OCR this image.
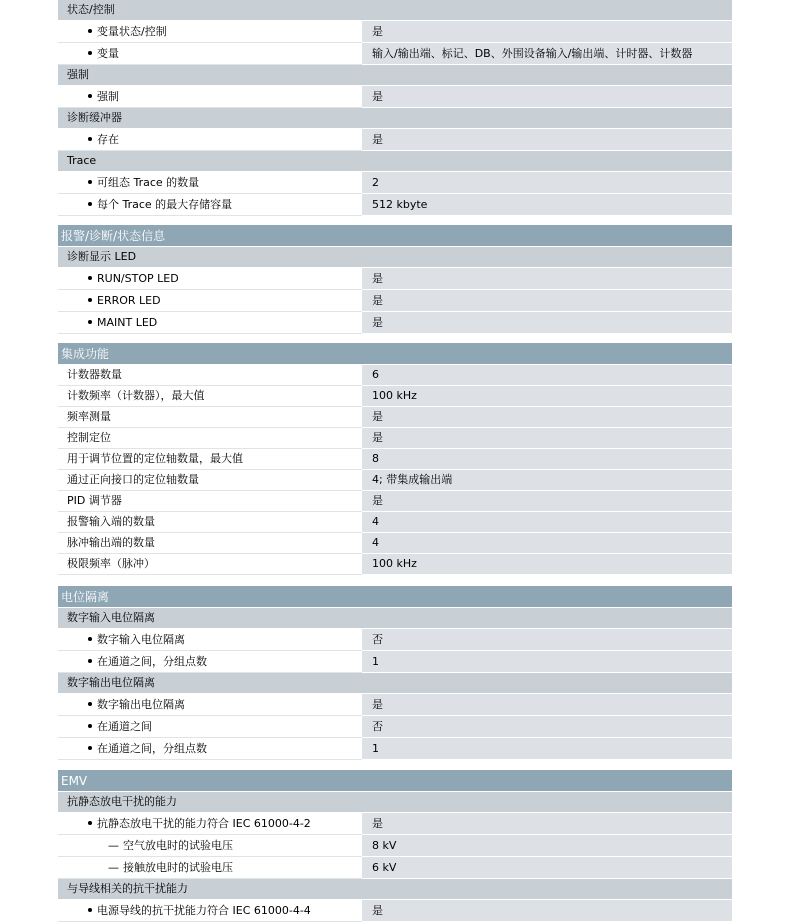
状态/控制
变量状态/控制	是
变量	输入/输出端、标记、DB、外围设备输入/输出端、计时器、计数器
强制
强制	是
诊断缓冲器
存在	是
Trace
可组态 Trace 的数量	2
每个 Trace 的最大存储容量	512 kbyte
报警/诊断/状态信息
诊断显示 LED
RUN/STOP LED	是
ERROR LED	是
MAINT LED	是
集成功能
计数器数量	6
计数频率（计数器），最大值	100 kHz
频率测量	是
控制定位	是
用于调节位置的定位轴数量，最大值	8
通过正向接口的定位轴数量	4; 带集成输出端
PID 调节器	是
报警输入端的数量	4
脉冲输出端的数量	4
极限频率（脉冲）	100 kHz
电位隔离
数字输入电位隔离
数字输入电位隔离	否
在通道之间，分组点数	1
数字输出电位隔离
数字输出电位隔离	是
在通道之间	否
在通道之间，分组点数	1
EMV
抗静态放电干扰的能力
抗静态放电干扰的能力符合 IEC 61000-4-2	是
— 空气放电时的试验电压	8 kV
— 接触放电时的试验电压	6 kV
与导线相关的抗干扰能力
电源导线的抗干扰能力符合 IEC 61000-4-4	是
